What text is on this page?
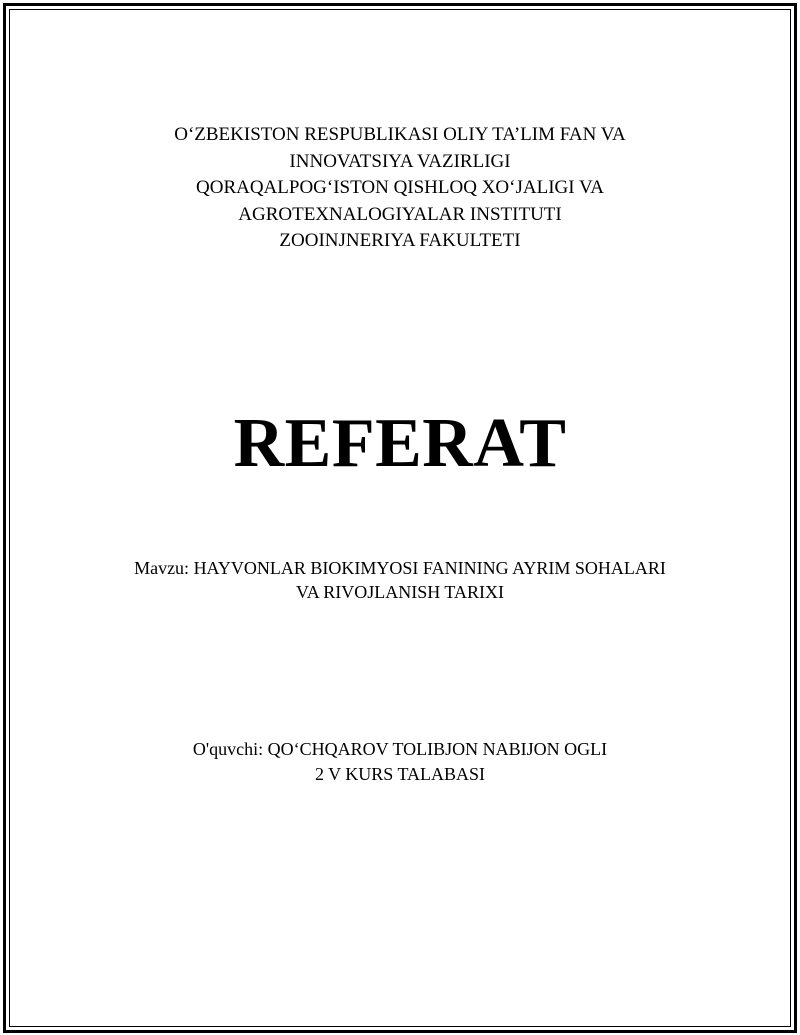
O‘ZBEKISTON RESPUBLIKASI OLIY TA’LIM FAN VA
INNOVATSIYA VAZIRLIGI
QORAQALPOG‘ISTON QISHLOQ XO‘JALIGI VA
AGROTEXNALOGIYALAR INSTITUTI
ZOOINJNERIYA FAKULTETI
REFERAT
Mavzu: HAYVONLAR BIOKIMYOSI FANINING AYRIM SOHALARI
VA RIVOJLANISH TARIXI
O'quvchi: QO‘CHQAROV TOLIBJON NABIJON OGLI
2 V KURS TALABASI
